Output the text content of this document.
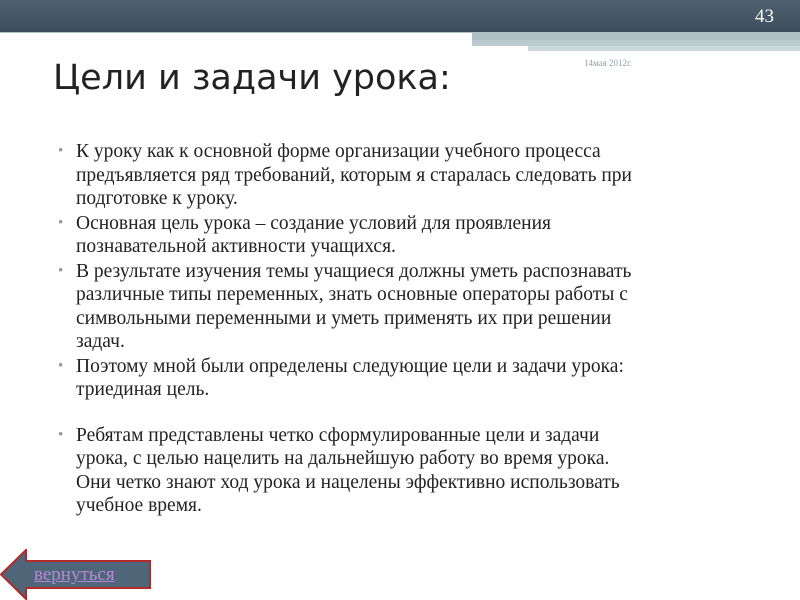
43
14мая 2012г.
Цели и задачи урока:
• К уроку как к основной форме организации учебного процесса
предъявляется ряд требований, которым я старалась следовать при
подготовке к уроку.
• Основная цель урока – создание условий для проявления
познавательной активности учащихся.
• В результате изучения темы учащиеся должны уметь распознавать
различные типы переменных, знать основные операторы работы с
символьными переменными и уметь применять их при решении
задач.
• Поэтому мной были определены следующие цели и задачи урока:
триединая цель.
• Ребятам представлены четко сформулированные цели и задачи
урока, с целью нацелить на дальнейшую работу во время урока.
Они четко знают ход урока и нацелены эффективно использовать
учебное время.
вернуться
